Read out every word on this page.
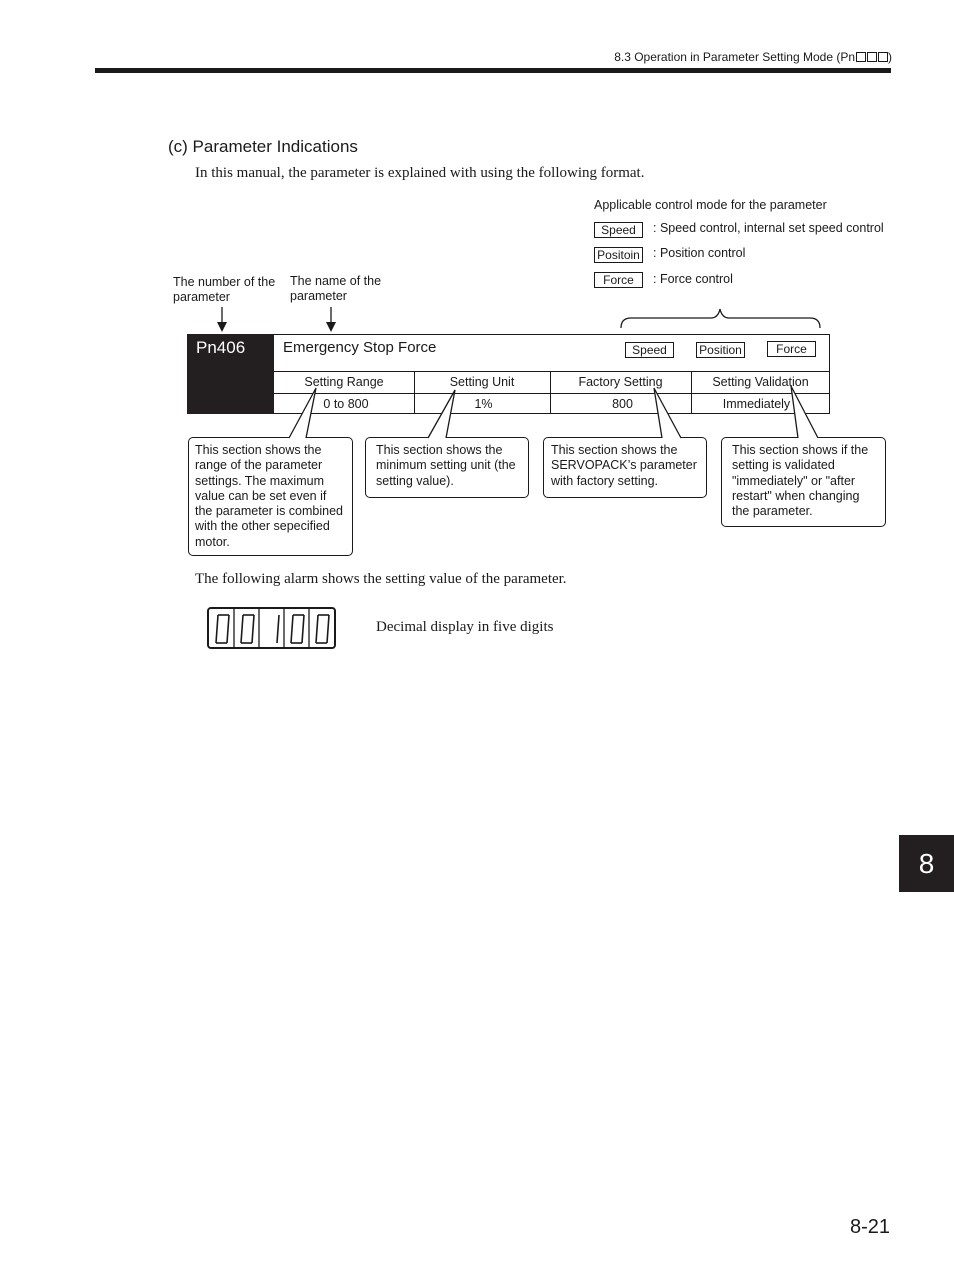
8.3 Operation in Parameter Setting Mode (Pn	)
(c) Parameter Indications
In this manual, the parameter is explained with using the following format.
Applicable control mode for the parameter
Speed	: Speed control, internal set speed control
Positoin : Position control
Force	: Force control
The number of the parameter
The name of the parameter
Pn406	Emergency Stop Force	Speed	Position	Force
Setting Range	Setting Unit	Factory Setting	Setting Validation
0 to 800	1%	800	Immediately
This section shows the range of the parameter settings. The maximum value can be set even if the parameter is combined with the other sepecified motor.
This section shows the minimum setting unit (the setting value).
This section shows the SERVOPACK’s parameter with factory setting.
This section shows if the setting is validated "immediately" or "after restart" when changing the parameter.
The following alarm shows the setting value of the parameter.
Decimal display in five digits
8
8-21
